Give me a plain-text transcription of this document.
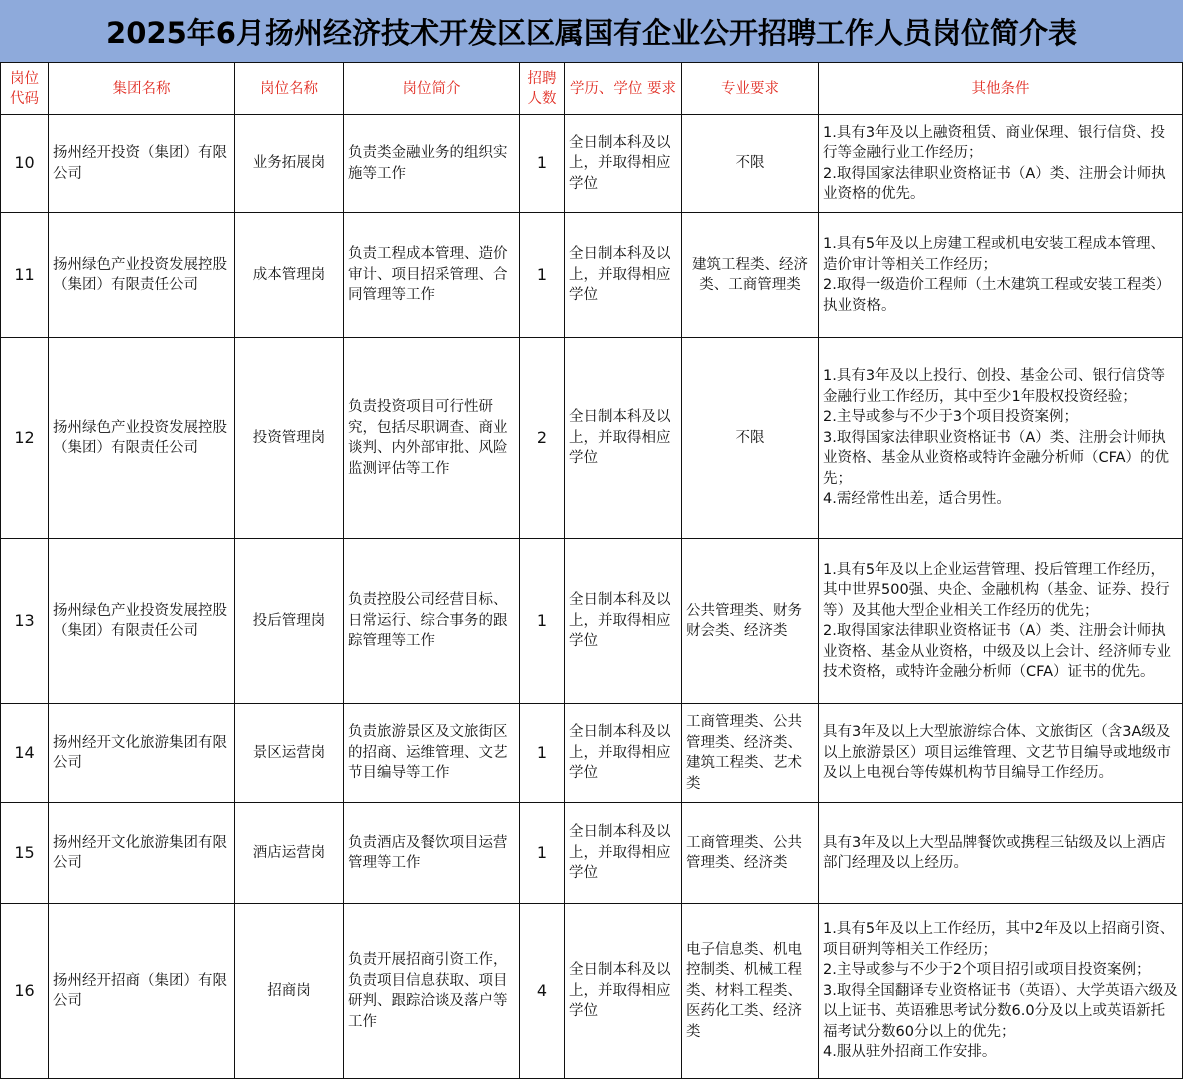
2025年6月扬州经济技术开发区区属国有企业公开招聘工作人员岗位简介表
岗位代码	集团名称	岗位名称	岗位简介	招聘人数	学历、学位 要求	专业要求	其他条件
10	扬州经开投资（集团）有限公司	业务拓展岗	负责类金融业务的组织实施等工作	1	全日制本科及以上，并取得相应学位	不限	1.具有3年及以上融资租赁、商业保理、银行信贷、投行等金融行业工作经历；
2.取得国家法律职业资格证书（A）类、注册会计师执业资格的优先。
11	扬州绿色产业投资发展控股（集团）有限责任公司	成本管理岗	负责工程成本管理、造价审计、项目招采管理、合同管理等工作	1	全日制本科及以上，并取得相应学位	建筑工程类、经济类、工商管理类	1.具有5年及以上房建工程或机电安装工程成本管理、造价审计等相关工作经历；
2.取得一级造价工程师（土木建筑工程或安装工程类）执业资格。
12	扬州绿色产业投资发展控股（集团）有限责任公司	投资管理岗	负责投资项目可行性研究，包括尽职调查、商业谈判、内外部审批、风险监测评估等工作	2	全日制本科及以上，并取得相应学位	不限	1.具有3年及以上投行、创投、基金公司、银行信贷等金融行业工作经历，其中至少1年股权投资经验；
2.主导或参与不少于3个项目投资案例；
3.取得国家法律职业资格证书（A）类、注册会计师执业资格、基金从业资格或特许金融分析师（CFA）的优先；
4.需经常性出差，适合男性。
13	扬州绿色产业投资发展控股（集团）有限责任公司	投后管理岗	负责控股公司经营目标、日常运行、综合事务的跟踪管理等工作	1	全日制本科及以上，并取得相应学位	公共管理类、财务财会类、经济类	1.具有5年及以上企业运营管理、投后管理工作经历，其中世界500强、央企、金融机构（基金、证券、投行等）及其他大型企业相关工作经历的优先；
2.取得国家法律职业资格证书（A）类、注册会计师执业资格、基金从业资格，中级及以上会计、经济师专业技术资格，或特许金融分析师（CFA）证书的优先。
14	扬州经开文化旅游集团有限公司	景区运营岗	负责旅游景区及文旅街区的招商、运维管理、文艺节目编导等工作	1	全日制本科及以上，并取得相应学位	工商管理类、公共管理类、经济类、建筑工程类、艺术类	具有3年及以上大型旅游综合体、文旅街区（含3A级及以上旅游景区）项目运维管理、文艺节目编导或地级市及以上电视台等传媒机构节目编导工作经历。
15	扬州经开文化旅游集团有限公司	酒店运营岗	负责酒店及餐饮项目运营管理等工作	1	全日制本科及以上，并取得相应学位	工商管理类、公共管理类、经济类	具有3年及以上大型品牌餐饮或携程三钻级及以上酒店部门经理及以上经历。
16	扬州经开招商（集团）有限公司	招商岗	负责开展招商引资工作，负责项目信息获取、项目研判、跟踪洽谈及落户等工作	4	全日制本科及以上，并取得相应学位	电子信息类、机电控制类、机械工程类、材料工程类、医药化工类、经济类	1.具有5年及以上工作经历，其中2年及以上招商引资、项目研判等相关工作经历；
2.主导或参与不少于2个项目招引或项目投资案例；
3.取得全国翻译专业资格证书（英语）、大学英语六级及以上证书、英语雅思考试分数6.0分及以上或英语新托福考试分数60分以上的优先；
4.服从驻外招商工作安排。
